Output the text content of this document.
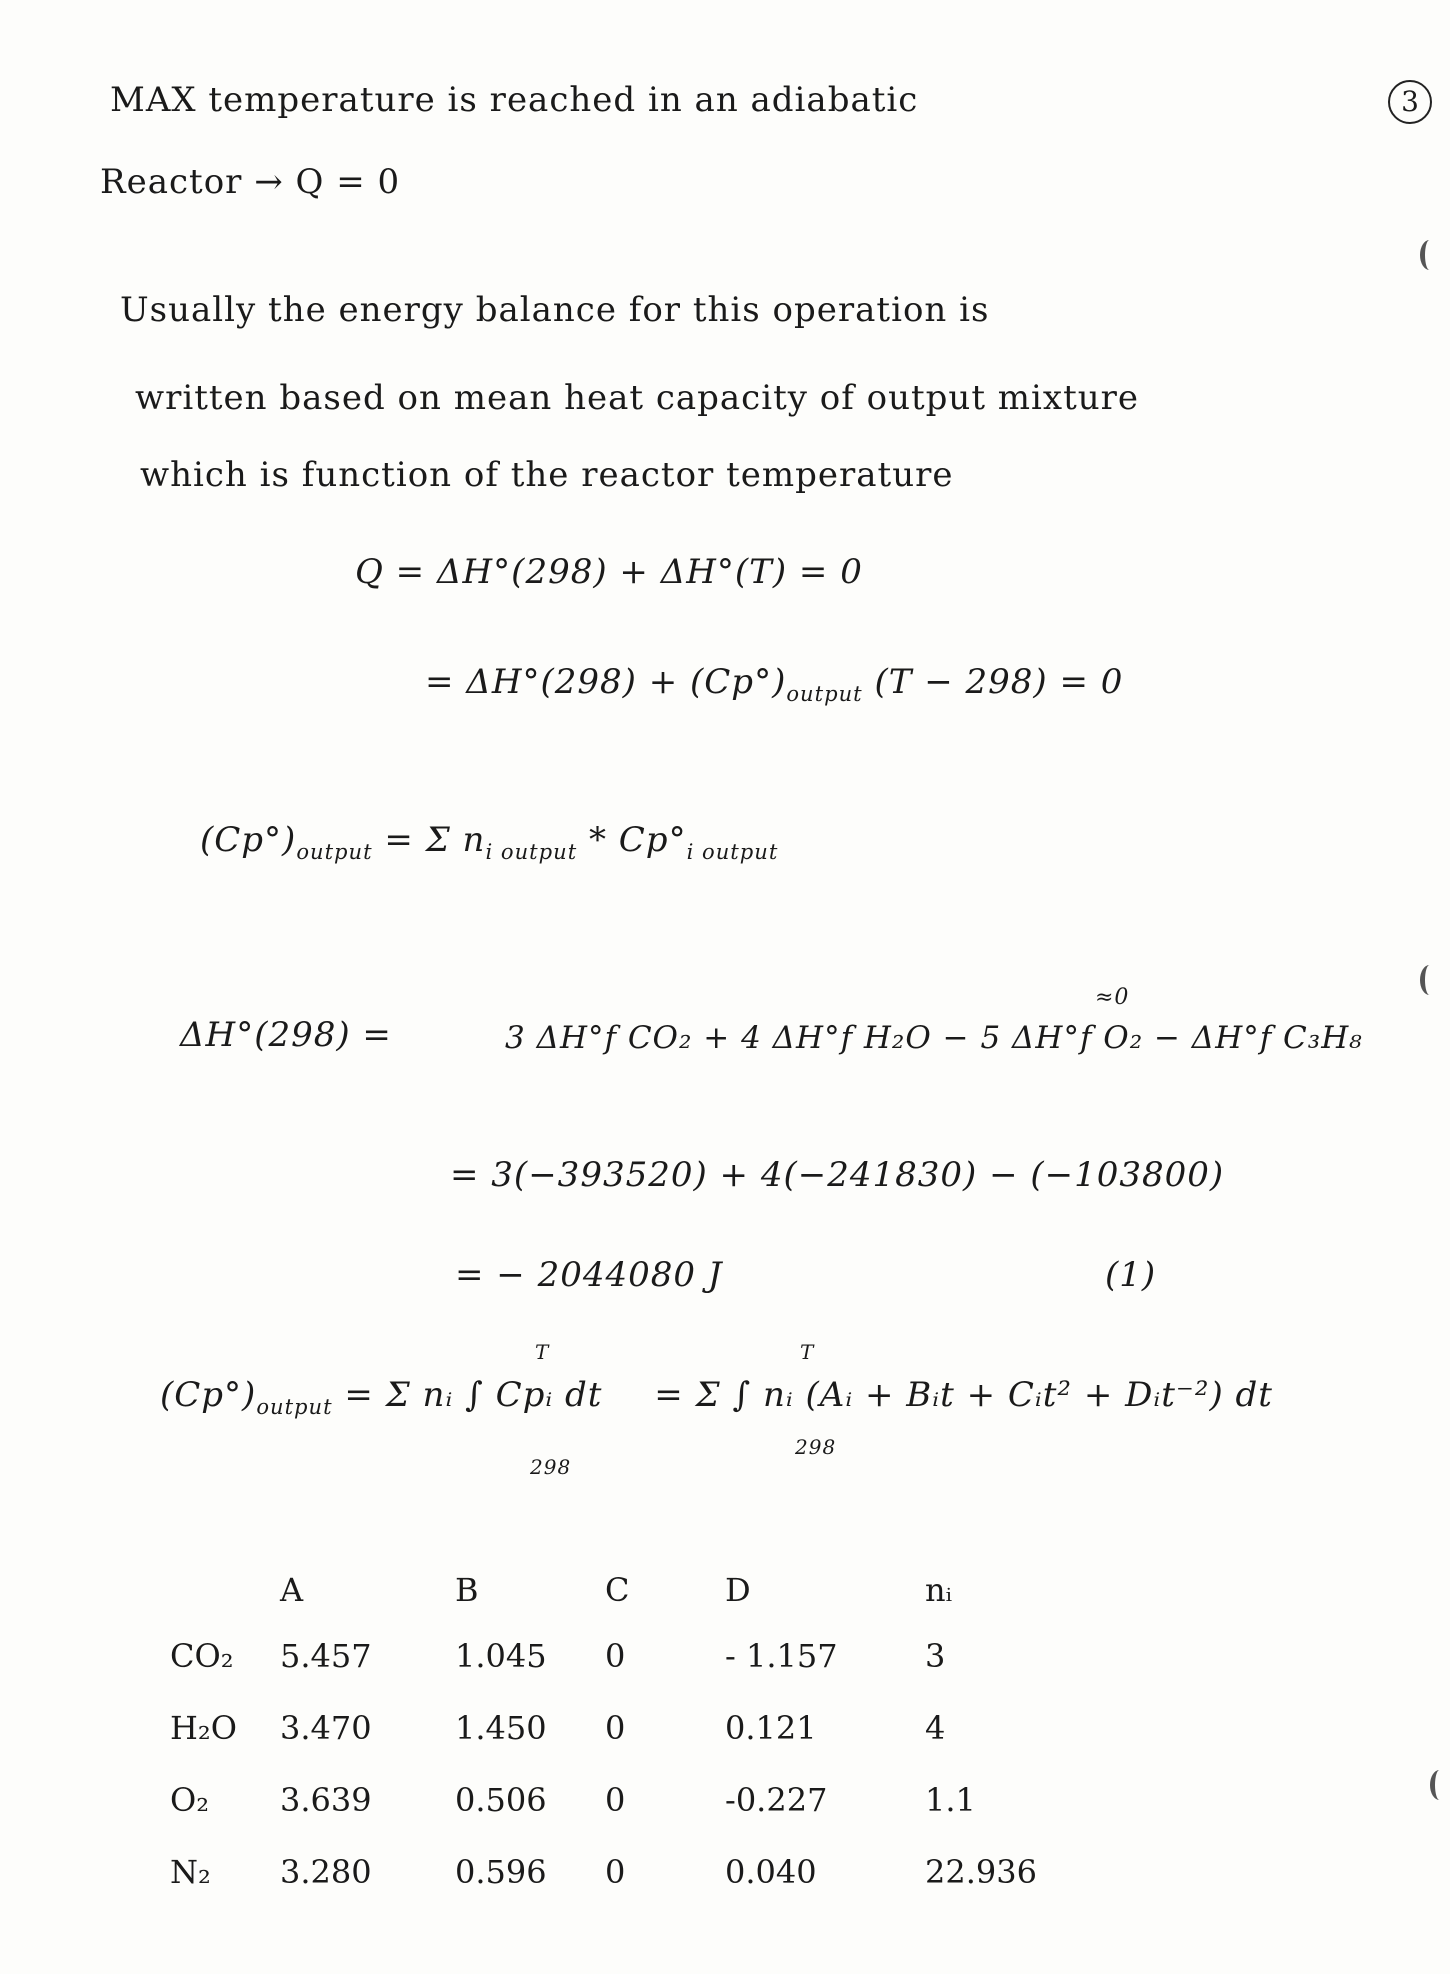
3
MAX temperature is reached in an adiabatic
Reactor → Q = 0
Usually the energy balance for this operation is
written based on mean heat capacity of output mixture
which is function of the reactor temperature
Q = ΔH°(298) + ΔH°(T) = 0
= $\Delta H^\circ(298) + (Cp^\circ)_{output}$ (T − 298) = 0
$(Cp^\circ)_{output} = \Sigma$ $n_{i output} * Cp^\circ_{i output}$
ΔH°(298) =	3 ΔH°f CO₂ + 4 ΔH°f H₂O − 5 ΔH°f O₂ − ΔH°f C₃H₈
≈0
= 3(−393520) + 4(−241830) − (−103800)
= − 2044080 J	(1)
$(Cp^\circ)_{output} = \Sigma$ nᵢ ∫ Cpᵢ dt = Σ ∫ nᵢ (Aᵢ + Bᵢt + Cᵢt² + Dᵢt⁻²) dt
T
298
T
298
	A	B	C	D	nᵢ
CO₂	5.457	1.045	0	- 1.157	3
H₂O	3.470	1.450	0	0.121	4
O₂	3.639	0.506	0	-0.227	1.1
N₂	3.280	0.596	0	0.040	22.936
